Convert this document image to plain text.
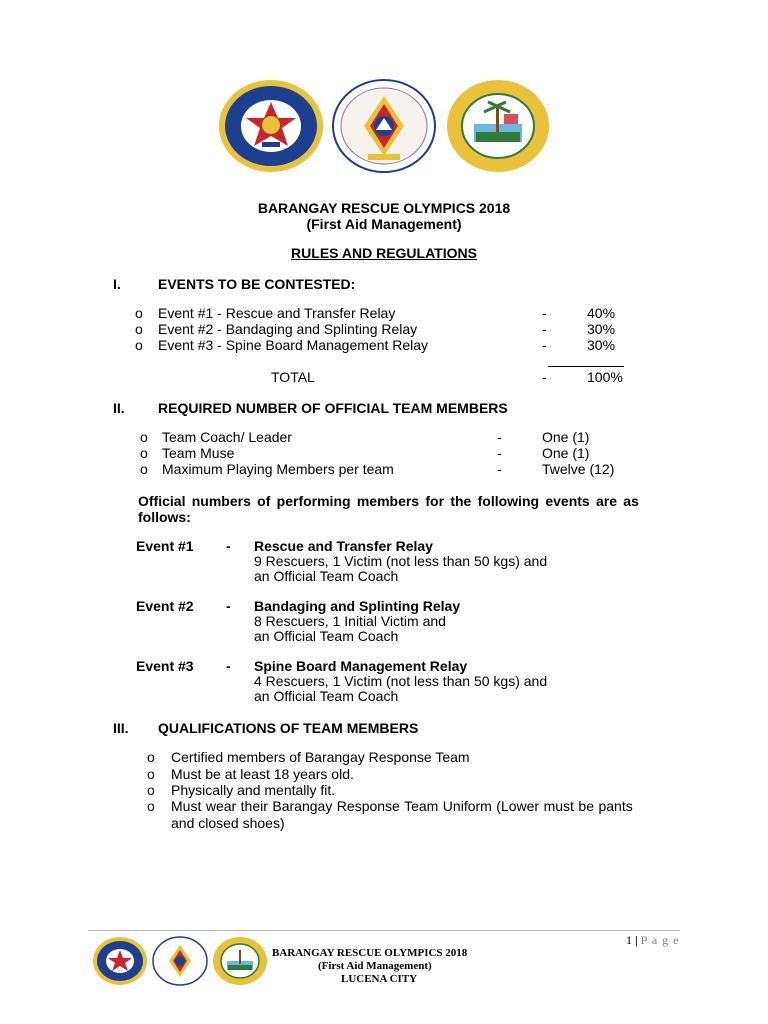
BARANGAY RESCUE OLYMPICS 2018
(First Aid Management)
RULES AND REGULATIONS
I.	EVENTS TO BE CONTESTED:
o Event #1 - Rescue and Transfer Relay	-	40%
o Event #2 - Bandaging and Splinting Relay	-	30%
o Event #3 - Spine Board Management Relay	-	30%
TOTAL	-	100%
II. REQUIRED NUMBER OF OFFICIAL TEAM MEMBERS
o Team Coach/ Leader	-	One (1)
o Team Muse	-	One (1)
o Maximum Playing Members per team	-	Twelve (12)
Official numbers of performing members for the following events are as
follows:
Event #1 - Rescue and Transfer Relay
9 Rescuers, 1 Victim (not less than 50 kgs) and
an Official Team Coach
Event #2 - Bandaging and Splinting Relay
8 Rescuers, 1 Initial Victim and
an Official Team Coach
Event #3 - Spine Board Management Relay
4 Rescuers, 1 Victim (not less than 50 kgs) and
an Official Team Coach
III. QUALIFICATIONS OF TEAM MEMBERS
o Certified members of Barangay Response Team
o Must be at least 18 years old.
o Physically and mentally fit.
o Must wear their Barangay Response Team Uniform (Lower must be pants
and closed shoes)
1 | P a g e
BARANGAY RESCUE OLYMPICS 2018
(First Aid Management)
LUCENA CITY
